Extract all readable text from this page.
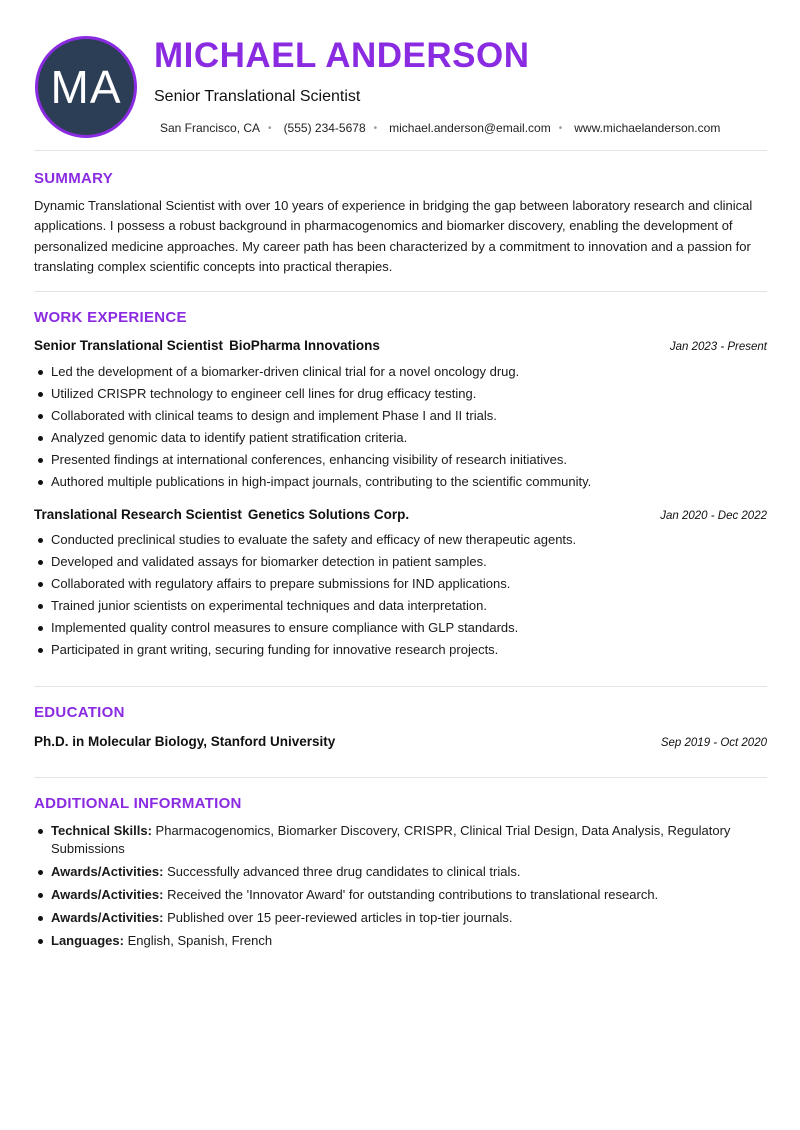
MA
MICHAEL ANDERSON

Senior Translational Scientist

San Francisco, CA • (555) 234-5678 • michael.anderson@email.com • www.michaelanderson.com
SUMMARY

Dynamic Translational Scientist with over 10 years of experience in bridging the gap between laboratory research and clinical applications. I possess a robust background in pharmacogenomics and biomarker discovery, enabling the development of personalized medicine approaches. My career path has been characterized by a commitment to innovation and a passion for translating complex scientific concepts into practical therapies.

WORK EXPERIENCE
Senior Translational Scientist BioPharma Innovations	Jan 2023 - Present
Led the development of a biomarker-driven clinical trial for a novel oncology drug.
Utilized CRISPR technology to engineer cell lines for drug efficacy testing.
Collaborated with clinical teams to design and implement Phase I and II trials.
Analyzed genomic data to identify patient stratification criteria.
Presented findings at international conferences, enhancing visibility of research initiatives.
Authored multiple publications in high-impact journals, contributing to the scientific community.
Translational Research Scientist Genetics Solutions Corp.	Jan 2020 - Dec 2022
Conducted preclinical studies to evaluate the safety and efficacy of new therapeutic agents.
Developed and validated assays for biomarker detection in patient samples.
Collaborated with regulatory affairs to prepare submissions for IND applications.
Trained junior scientists on experimental techniques and data interpretation.
Implemented quality control measures to ensure compliance with GLP standards.
Participated in grant writing, securing funding for innovative research projects.
EDUCATION
Ph.D. in Molecular Biology, Stanford University	Sep 2019 - Oct 2020
ADDITIONAL INFORMATION
Technical Skills: Pharmacogenomics, Biomarker Discovery, CRISPR, Clinical Trial Design, Data Analysis, Regulatory Submissions
Awards/Activities: Successfully advanced three drug candidates to clinical trials.
Awards/Activities: Received the 'Innovator Award' for outstanding contributions to translational research.
Awards/Activities: Published over 15 peer-reviewed articles in top-tier journals.
Languages: English, Spanish, French
